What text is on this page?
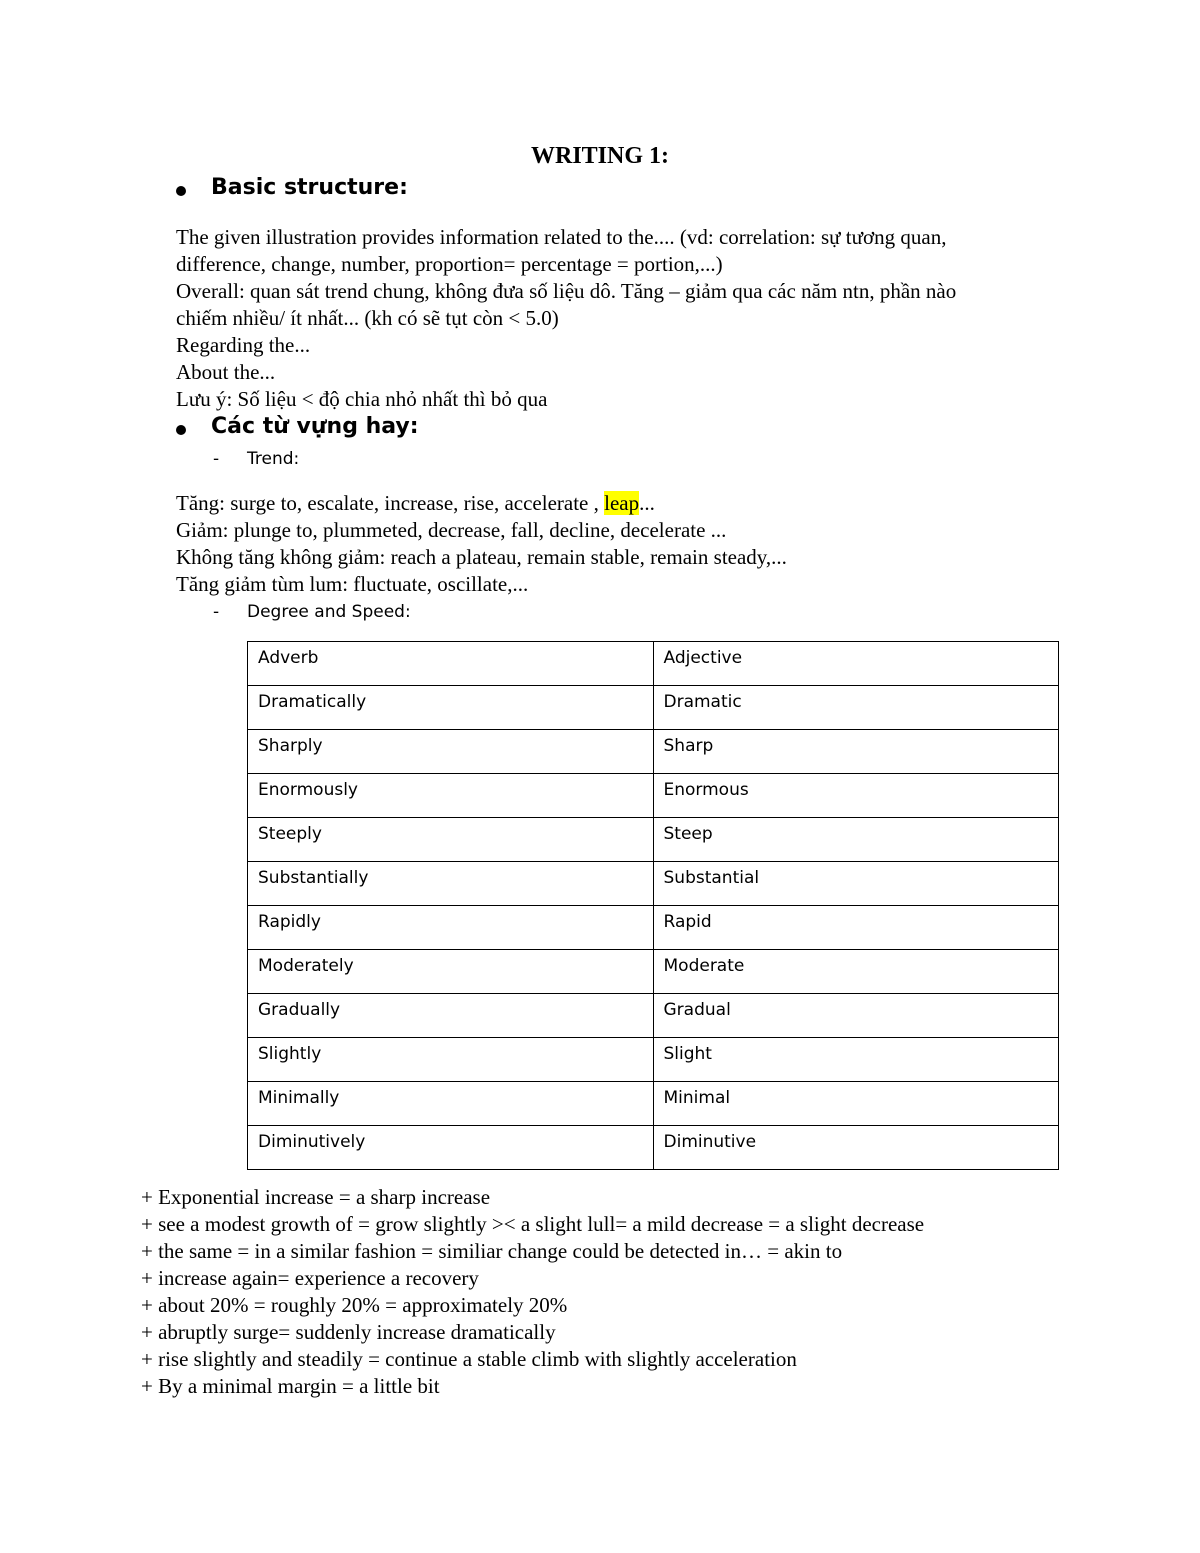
WRITING 1:
Basic structure:
The given illustration provides information related to the.... (vd: correlation: sự tương quan,
difference, change, number, proportion= percentage = portion,...)
Overall: quan sát trend chung, không đưa số liệu dô. Tăng – giảm qua các năm ntn, phần nào
chiếm nhiều/ ít nhất... (kh có sẽ tụt còn < 5.0)
Regarding the...
About the...
Lưu ý: Số liệu < độ chia nhỏ nhất thì bỏ qua
Các từ vựng hay:
- Trend:
Tăng: surge to, escalate, increase, rise, accelerate , leap...
Giảm: plunge to, plummeted, decrease, fall, decline, decelerate ...
Không tăng không giảm: reach a plateau, remain stable, remain steady,...
Tăng giảm tùm lum: fluctuate, oscillate,...
- Degree and Speed:
Adverb	Adjective
Dramatically	Dramatic
Sharply	Sharp
Enormously	Enormous
Steeply	Steep
Substantially	Substantial
Rapidly	Rapid
Moderately	Moderate
Gradually	Gradual
Slightly	Slight
Minimally	Minimal
Diminutively	Diminutive
+ Exponential increase = a sharp increase
+ see a modest growth of = grow slightly >< a slight lull= a mild decrease = a slight decrease
+ the same = in a similar fashion = similiar change could be detected in… = akin to
+ increase again= experience a recovery
+ about 20% = roughly 20% = approximately 20%
+ abruptly surge= suddenly increase dramatically
+ rise slightly and steadily = continue a stable climb with slightly acceleration
+ By a minimal margin = a little bit
